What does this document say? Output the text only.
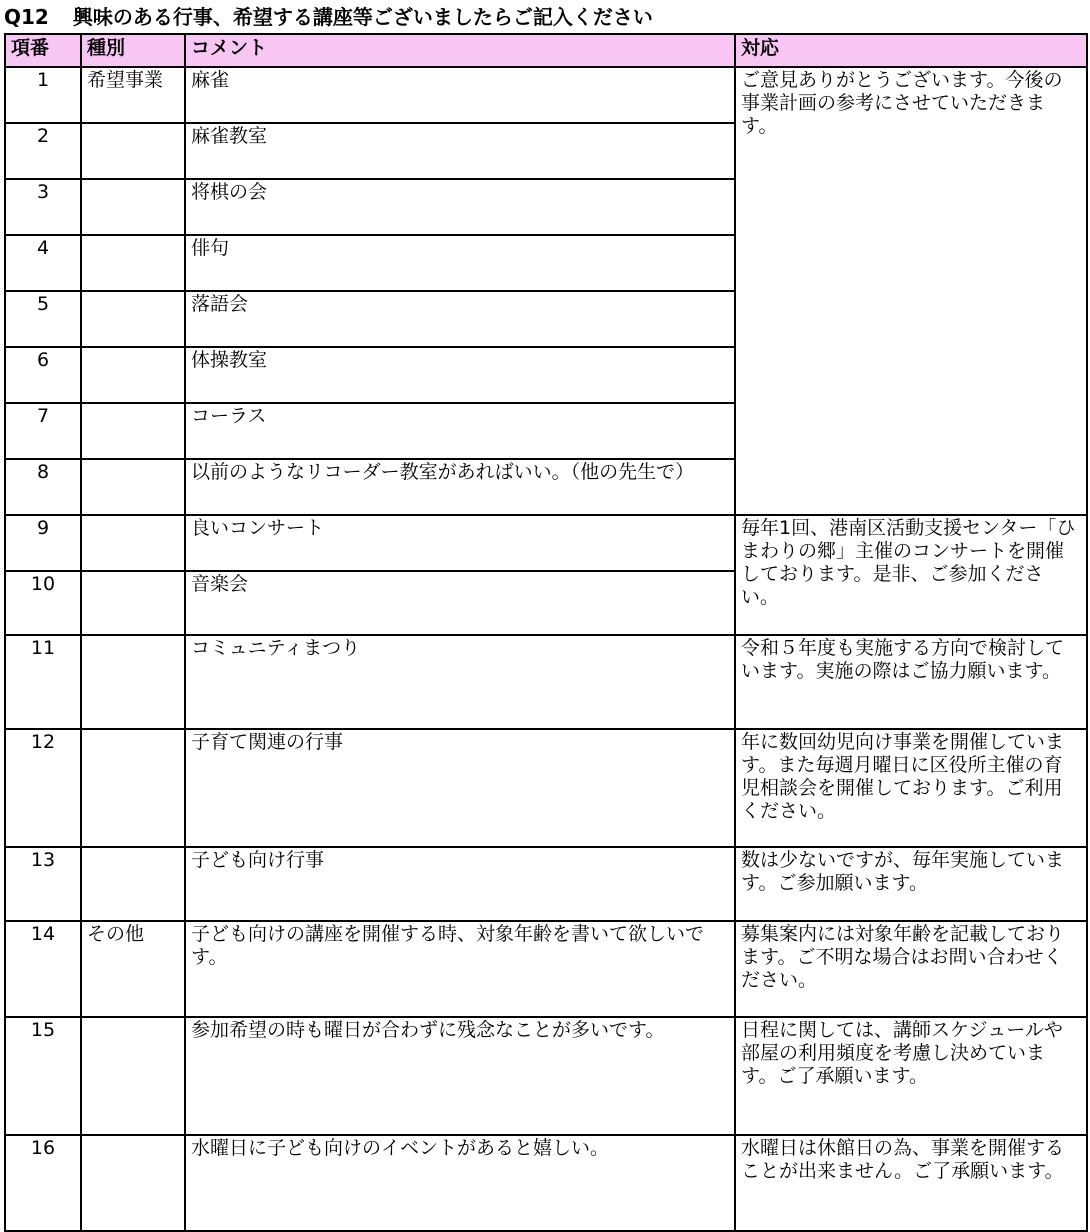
Q12 興味のある行事、希望する講座等ございましたらご記入ください
項番	種別	コメント	対応
1	希望事業	麻雀	ご意見ありがとうございます。今後の事業計画の参考にさせていただきます。
2		麻雀教室	
3		将棋の会	
4		俳句	
5		落語会	
6		体操教室	
7		コーラス	
8		以前のようなリコーダー教室があればいい。（他の先生で）	
9		良いコンサート	毎年1回、港南区活動支援センター「ひまわりの郷」主催のコンサートを開催しております。是非、ご参加ください。
10		音楽会	
11		コミュニティまつり	令和５年度も実施する方向で検討しています。実施の際はご協力願います。
12		子育て関連の行事	年に数回幼児向け事業を開催しています。また毎週月曜日に区役所主催の育児相談会を開催しております。ご利用ください。
13		子ども向け行事	数は少ないですが、毎年実施しています。ご参加願います。
14	その他	子ども向けの講座を開催する時、対象年齢を書いて欲しいです。	募集案内には対象年齢を記載しております。ご不明な場合はお問い合わせください。
15		参加希望の時も曜日が合わずに残念なことが多いです。	日程に関しては、講師スケジュールや部屋の利用頻度を考慮し決めています。ご了承願います。
16		水曜日に子ども向けのイベントがあると嬉しい。	水曜日は休館日の為、事業を開催することが出来ません。ご了承願います。
